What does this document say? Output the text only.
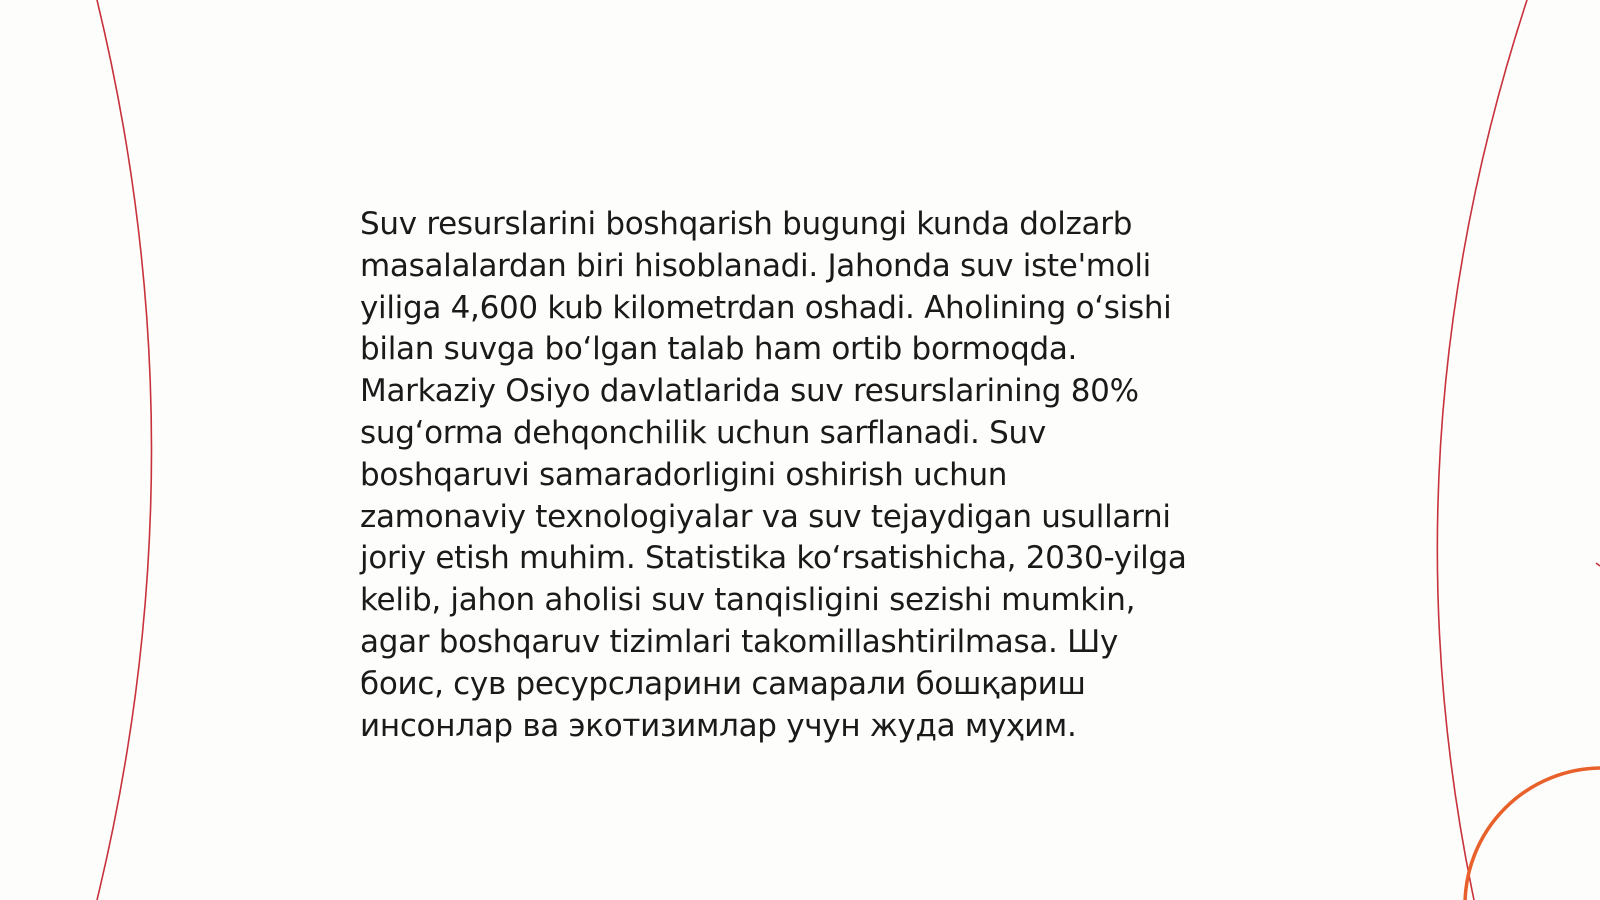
Suv resurslarini boshqarish bugungi kunda dolzarb
masalalardan biri hisoblanadi. Jahonda suv iste'moli
yiliga 4,600 kub kilometrdan oshadi. Aholining oʻsishi
bilan suvga boʻlgan talab ham ortib bormoqda.
Markaziy Osiyo davlatlarida suv resurslarining 80%
sugʻorma dehqonchilik uchun sarflanadi. Suv
boshqaruvi samaradorligini oshirish uchun
zamonaviy texnologiyalar va suv tejaydigan usullarni
joriy etish muhim. Statistika koʻrsatishicha, 2030-yilga
kelib, jahon aholisi suv tanqisligini sezishi mumkin,
agar boshqaruv tizimlari takomillashtirilmasa. Шу
боис, сув ресурсларини самарали бошқариш
инсонлар ва экотизимлар учун жуда муҳим.
